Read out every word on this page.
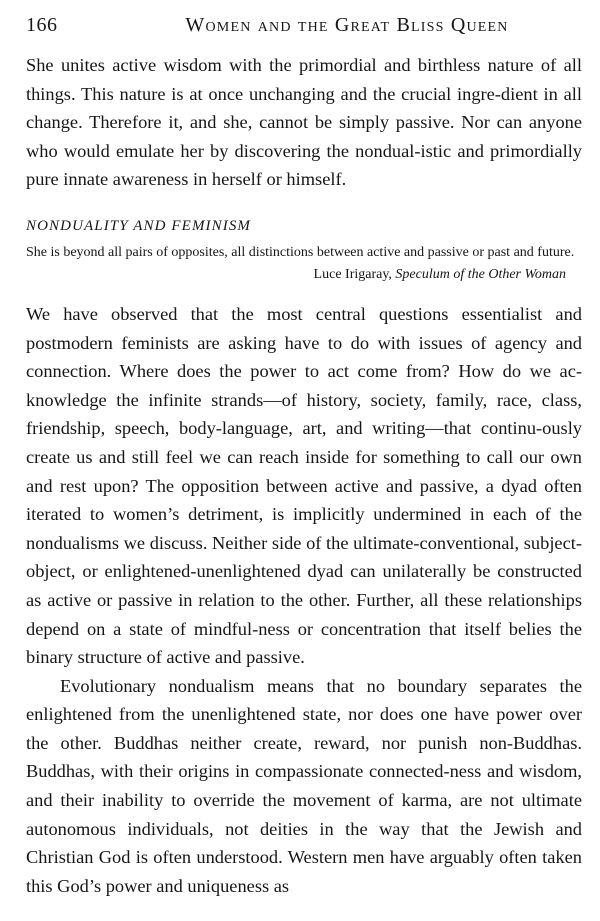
166	Women and the Great Bliss Queen

She unites active wisdom with the primordial and birthless nature of all things. This nature is at once unchanging and the crucial ingre-dient in all change. Therefore it, and she, cannot be simply passive. Nor can anyone who would emulate her by discovering the nondual-istic and primordially pure innate awareness in herself or himself.

NONDUALITY AND FEMINISM

She is beyond all pairs of opposites, all distinctions between active and passive or past and future.

Luce Irigaray, Speculum of the Other Woman

We have observed that the most central questions essentialist and postmodern feminists are asking have to do with issues of agency and connection. Where does the power to act come from? How do we ac-knowledge the infinite strands—of history, society, family, race, class, friendship, speech, body-language, art, and writing—that continu-ously create us and still feel we can reach inside for something to call our own and rest upon? The opposition between active and passive, a dyad often iterated to women’s detriment, is implicitly undermined in each of the nondualisms we discuss. Neither side of the ultimate-conventional, subject-object, or enlightened-unenlightened dyad can unilaterally be constructed as active or passive in relation to the other. Further, all these relationships depend on a state of mindful-ness or concentration that itself belies the binary structure of active and passive.

Evolutionary nondualism means that no boundary separates the enlightened from the unenlightened state, nor does one have power over the other. Buddhas neither create, reward, nor punish non-Buddhas. Buddhas, with their origins in compassionate connected-ness and wisdom, and their inability to override the movement of karma, are not ultimate autonomous individuals, not deities in the way that the Jewish and Christian God is often understood. Western men have arguably often taken this God’s power and uniqueness as
